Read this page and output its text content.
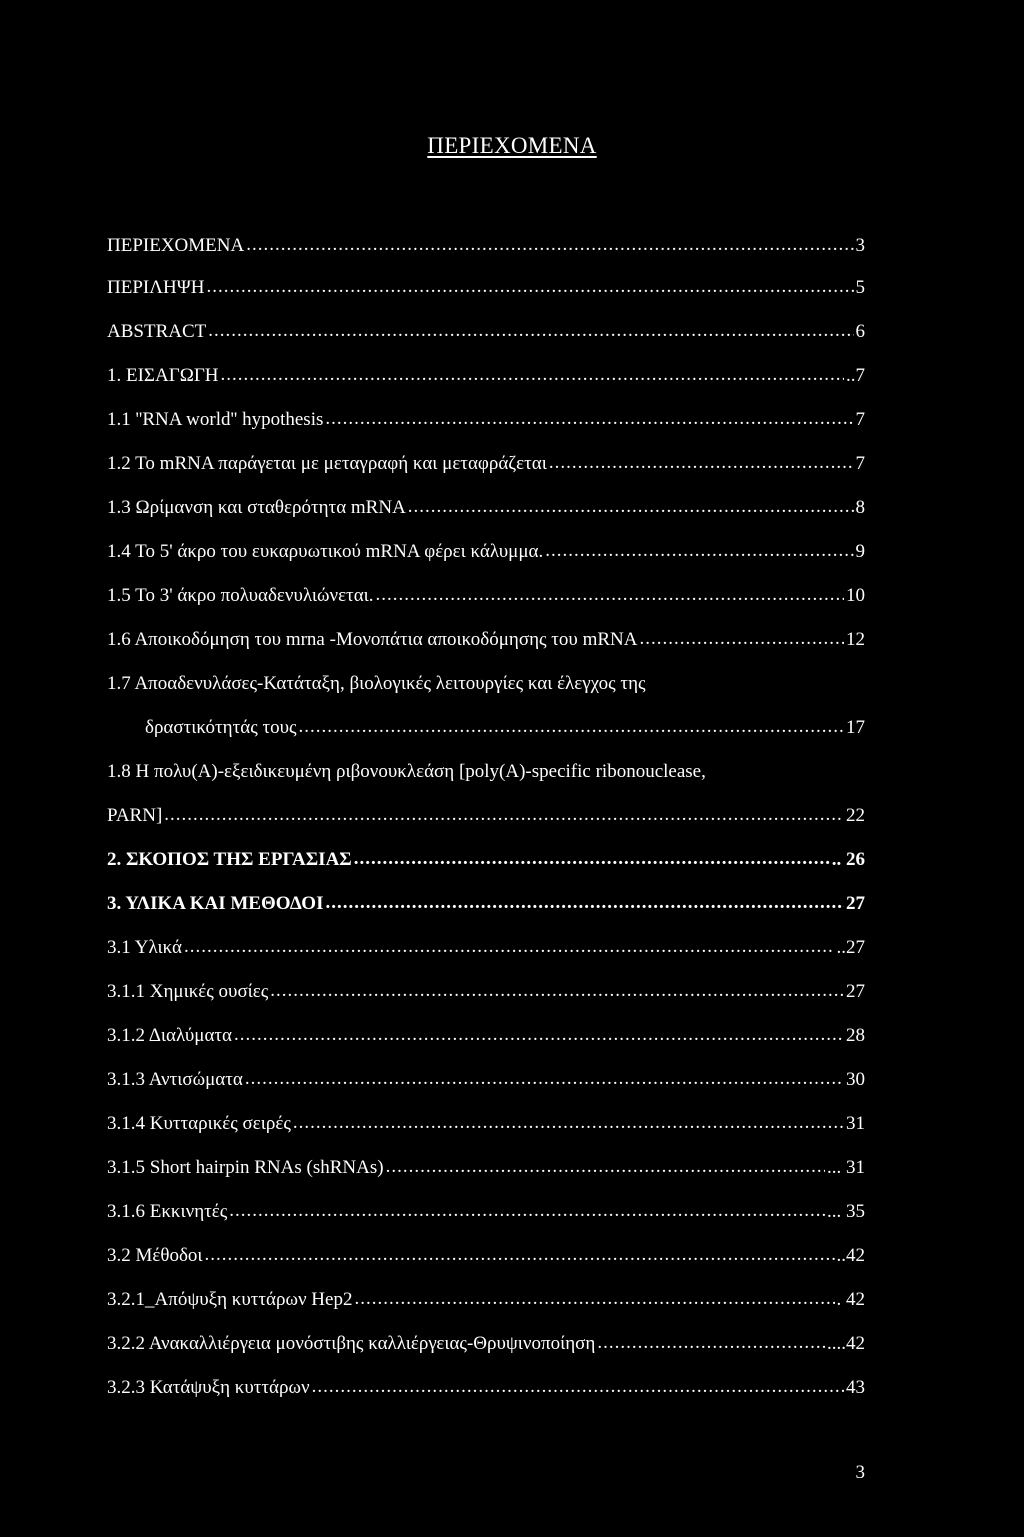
ΠΕΡΙΕΧΟΜΕΝΑ
ΠΕΡΙΕΧΟΜΕΝΑ .....	3
ΠΕΡΙΛΗΨΗ .....	5
ABSTRACT .....	6
1. ΕΙΣΑΓΩΓΗ .....	..7
1.1 ''RNA world'' hypothesis .....	7
1.2 To mRNA παράγεται με μεταγραφή και μεταφράζεται .....	7
1.3 Ωρίμανση και σταθερότητα mRNA .....	8
1.4 Το 5' άκρο του ευκαρυωτικού mRNA φέρει κάλυμμα. .....	9
1.5 Το 3' άκρο πολυαδενυλιώνεται. .....	10
1.6 Αποικοδόμηση του mrna -Μονοπάτια αποικοδόμησης του mRNA .....	12
1.7 Αποαδενυλάσες-Κατάταξη, βιολογικές λειτουργίες και έλεγχος της
δραστικότητάς τους .....	17
1.8 Η πολυ(Α)-εξειδικευμένη ριβονουκλεάση [poly(A)-specific ribonouclease,
PARN] .....	22
2. ΣΚΟΠΟΣ ΤΗΣ ΕΡΓΑΣΙΑΣ .....	.. 26
3. ΥΛΙΚΑ ΚΑΙ ΜΕΘΟΔΟΙ .....	27
3.1 Υλικά .....	..27
3.1.1 Χημικές ουσίες .....	27
3.1.2 Διαλύματα .....	28
3.1.3 Αντισώματα .....	30
3.1.4 Κυτταρικές σειρές .....	31
3.1.5 Short hairpin RNAs (shRNAs) .....	... 31
3.1.6 Εκκινητές .....	... 35
3.2 Μέθοδοι .....	..42
3.2.1_Απόψυξη κυττάρων Hep2 .....	. 42
3.2.2 Ανακαλλιέργεια μονόστιβης καλλιέργειας-Θρυψινοποίηση .....	....42
3.2.3 Κατάψυξη κυττάρων .....	43
3
